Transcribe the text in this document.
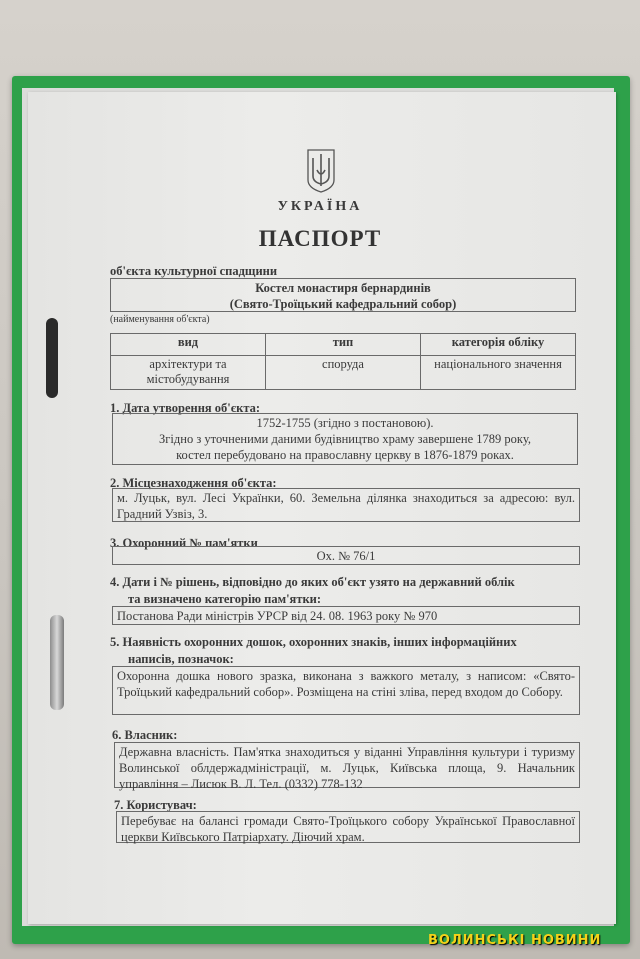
УКРАЇНА
ПАСПОРТ
об'єкта культурної спадщини
Костел монастиря бернардинів
(Свято-Троїцький кафедральний собор)
(найменування об'єкта)
вид	тип	категорія обліку
архітектури та містобудування	споруда	національного значення
1. Дата утворення об'єкта:
1752-1755 (згідно з постановою).
Згідно з уточненими даними будівництво храму завершене 1789 року,
костел перебудовано на православну церкву в 1876-1879 роках.
2. Місцезнаходження об'єкта:
м. Луцьк, вул. Лесі Українки, 60. Земельна ділянка знаходиться за адресою: вул. Градний Узвіз, 3.
3. Охоронний № пам'ятки
Ох. № 76/1
4. Дати і № рішень, відповідно до яких об'єкт узято на державний облік
та визначено категорію пам'ятки:
Постанова Ради міністрів УРСР від 24. 08. 1963 року № 970
5. Наявність охоронних дошок, охоронних знаків, інших інформаційних
написів, позначок:
Охоронна дошка нового зразка, виконана з важкого металу, з написом: «Свято-Троїцький кафедральний собор». Розміщена на стіні зліва, перед входом до Собору.
6. Власник:
Державна власність. Пам'ятка знаходиться у віданні Управління культури і туризму Волинської облдержадміністрації, м. Луцьк, Київська площа, 9. Начальник управління – Лисюк В. Л. Тел. (0332) 778-132
7. Користувач:
Перебуває на балансі громади Свято-Троїцького собору Української Православної церкви Київського Патріархату. Діючий храм.
ВОЛИНСЬКІ НОВИНИ
